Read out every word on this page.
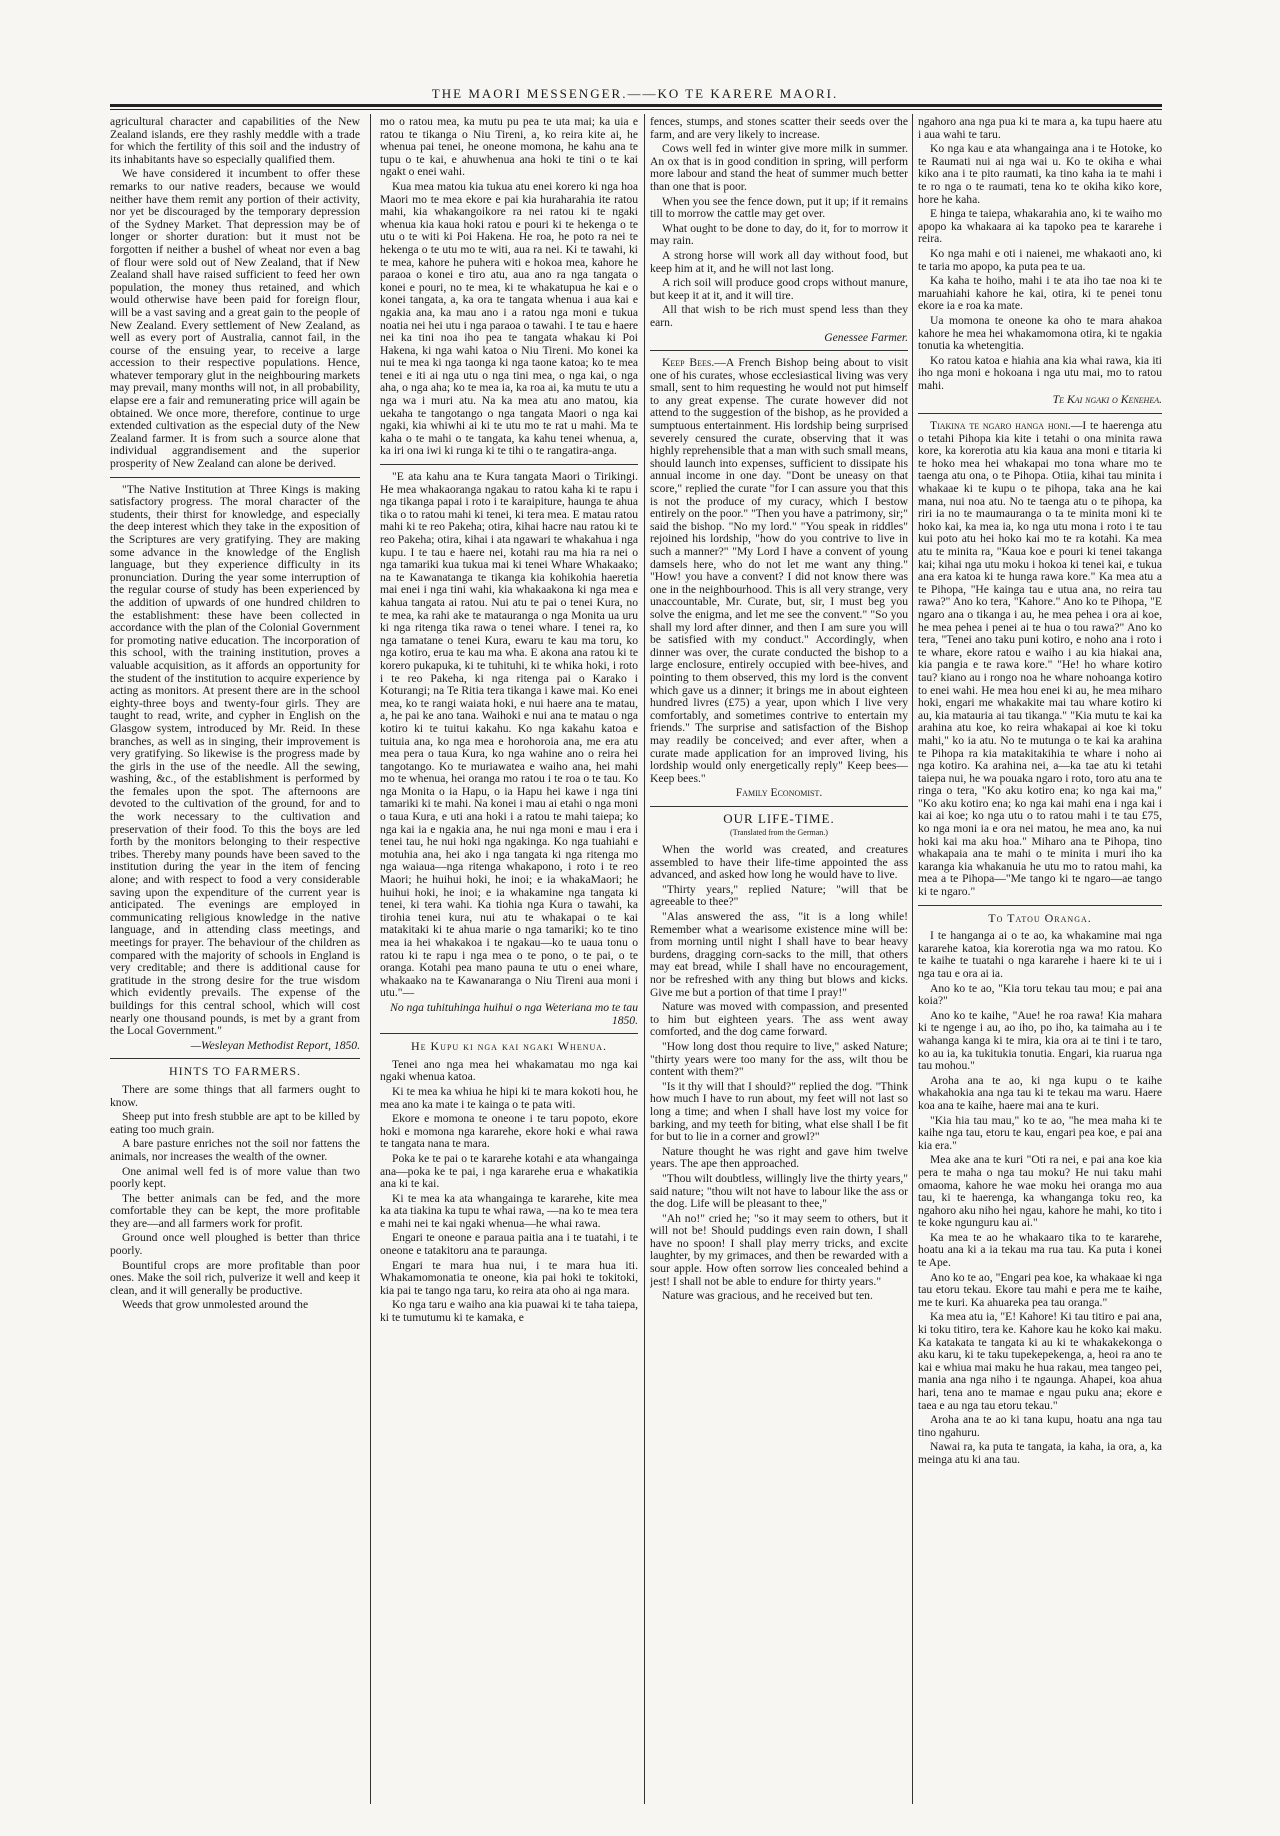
THE MAORI MESSENGER.——KO TE KARERE MAORI.

agricultural character and capabilities of the New Zealand islands, ere they rashly meddle with a trade for which the fertility of this soil and the industry of its inhabitants have so especially qualified them.

We have considered it incumbent to offer these remarks to our native readers, because we would neither have them remit any portion of their activity, nor yet be discouraged by the temporary depression of the Sydney Market. That depression may be of longer or shorter duration: but it must not be forgotten if neither a bushel of wheat nor even a bag of flour were sold out of New Zealand, that if New Zealand shall have raised sufficient to feed her own population, the money thus retained, and which would otherwise have been paid for foreign flour, will be a vast saving and a great gain to the people of New Zealand. Every settlement of New Zealand, as well as every port of Australia, cannot fail, in the course of the ensuing year, to receive a large accession to their respective populations. Hence, whatever temporary glut in the neighbouring markets may prevail, many months will not, in all probability, elapse ere a fair and remunerating price will again be obtained. We once more, therefore, continue to urge extended cultivation as the especial duty of the New Zealand farmer. It is from such a source alone that individual aggrandisement and the superior prosperity of New Zealand can alone be derived.

"The Native Institution at Three Kings is making satisfactory progress. The moral character of the students, their thirst for knowledge, and especially the deep interest which they take in the exposition of the Scriptures are very gratifying. They are making some advance in the knowledge of the English language, but they experience difficulty in its pronunciation. During the year some interruption of the regular course of study has been experienced by the addition of upwards of one hundred children to the establishment: these have been collected in accordance with the plan of the Colonial Government for promoting native education. The incorporation of this school, with the training institution, proves a valuable acquisition, as it affords an opportunity for the student of the institution to acquire experience by acting as monitors. At present there are in the school eighty-three boys and twenty-four girls. They are taught to read, write, and cypher in English on the Glasgow system, introduced by Mr. Reid. In these branches, as well as in singing, their improvement is very gratifying. So likewise is the progress made by the girls in the use of the needle. All the sewing, washing, &c., of the establishment is performed by the females upon the spot. The afternoons are devoted to the cultivation of the ground, for and to the work necessary to the cultivation and preservation of their food. To this the boys are led forth by the monitors belonging to their respective tribes. Thereby many pounds have been saved to the institution during the year in the item of fencing alone; and with respect to food a very considerable saving upon the expenditure of the current year is anticipated. The evenings are employed in communicating religious knowledge in the native language, and in attending class meetings, and meetings for prayer. The behaviour of the children as compared with the majority of schools in England is very creditable; and there is additional cause for gratitude in the strong desire for the true wisdom which evidently prevails. The expense of the buildings for this central school, which will cost nearly one thousand pounds, is met by a grant from the Local Government."

—Wesleyan Methodist Report, 1850.

HINTS TO FARMERS.

There are some things that all farmers ought to know.

Sheep put into fresh stubble are apt to be killed by eating too much grain.

A bare pasture enriches not the soil nor fattens the animals, nor increases the wealth of the owner.

One animal well fed is of more value than two poorly kept.

The better animals can be fed, and the more comfortable they can be kept, the more profitable they are—and all farmers work for profit.

Ground once well ploughed is better than thrice poorly.

Bountiful crops are more profitable than poor ones. Make the soil rich, pulverize it well and keep it clean, and it will generally be productive.

Weeds that grow unmolested around the

mo o ratou mea, ka mutu pu pea te uta mai; ka uia e ratou te tikanga o Niu Tireni, a, ko reira kite ai, he whenua pai tenei, he oneone momona, he kahu ana te tupu o te kai, e ahuwhenua ana hoki te tini o te kai ngakt o enei wahi.

Kua mea matou kia tukua atu enei korero ki nga hoa Maori mo te mea ekore e pai kia huraharahia ite ratou mahi, kia whakangoikore ra nei ratou ki te ngaki whenua kia kaua hoki ratou e pouri ki te hekenga o te utu o te witi ki Poi Hakena. He roa, he poto ra nei te hekenga o te utu mo te witi, aua ra nei. Ki te tawahi, ki te mea, kahore he puhera witi e hokoa mea, kahore he paraoa o konei e tiro atu, aua ano ra nga tangata o konei e pouri, no te mea, ki te whakatupua he kai e o konei tangata, a, ka ora te tangata whenua i aua kai e ngakia ana, ka mau ano i a ratou nga moni e tukua noatia nei hei utu i nga paraoa o tawahi. I te tau e haere nei ka tini noa iho pea te tangata whakau ki Poi Hakena, ki nga wahi katoa o Niu Tireni. Mo konei ka nui te mea ki nga taonga ki nga taone katoa; ko te mea tenei e iti ai nga utu o nga tini mea, o nga kai, o nga aha, o nga aha; ko te mea ia, ka roa ai, ka mutu te utu a nga wa i muri atu. Na ka mea atu ano matou, kia uekaha te tangotango o nga tangata Maori o nga kai ngaki, kia whiwhi ai ki te utu mo te rat u mahi. Ma te kaha o te mahi o te tangata, ka kahu tenei whenua, a, ka iri ona iwi ki runga ki te tihi o te rangatira-anga.

"E ata kahu ana te Kura tangata Maori o Tirikingi. He mea whakaoranga ngakau to ratou kaha ki te rapu i nga tikanga papai i roto i te karaipiture, haunga te ahua tika o to ratou mahi ki tenei, ki tera mea. E matau ratou mahi ki te reo Pakeha; otira, kihai hacre nau ratou ki te reo Pakeha; otira, kihai i ata ngawari te whakahua i nga kupu. I te tau e haere nei, kotahi rau ma hia ra nei o nga tamariki kua tukua mai ki tenei Whare Whakaako; na te Kawanatanga te tikanga kia kohikohia haeretia mai enei i nga tini wahi, kia whakaakona ki nga mea e kahua tangata ai ratou. Nui atu te pai o tenei Kura, no te mea, ka rahi ake te matauranga o nga Monita ua uru ki nga ritenga tika rawa o tenei whare. I tenei ra, ko nga tamatane o tenei Kura, ewaru te kau ma toru, ko nga kotiro, erua te kau ma wha. E akona ana ratou ki te korero pukapuka, ki te tuhituhi, ki te whika hoki, i roto i te reo Pakeha, ki nga ritenga pai o Karako i Koturangi; na Te Ritia tera tikanga i kawe mai. Ko enei mea, ko te rangi waiata hoki, e nui haere ana te matau, a, he pai ke ano tana. Waihoki e nui ana te matau o nga kotiro ki te tuitui kakahu. Ko nga kakahu katoa e tuituia ana, ko nga mea e horohoroia ana, me era atu mea pera o taua Kura, ko nga wahine ano o reira hei tangotango. Ko te muriawatea e waiho ana, hei mahi mo te whenua, hei oranga mo ratou i te roa o te tau. Ko nga Monita o ia Hapu, o ia Hapu hei kawe i nga tini tamariki ki te mahi. Na konei i mau ai etahi o nga moni o taua Kura, e uti ana hoki i a ratou te mahi taiepa; ko nga kai ia e ngakia ana, he nui nga moni e mau i era i tenei tau, he nui hoki nga ngakinga. Ko nga tuahiahi e motuhia ana, hei ako i nga tangata ki nga ritenga mo nga waiaua—nga ritenga whakapono, i roto i te reo Maori; he huihui hoki, he inoi; e ia whakaMaori; he huihui hoki, he inoi; e ia whakamine nga tangata ki tenei, ki tera wahi. Ka tiohia nga Kura o tawahi, ka tirohia tenei kura, nui atu te whakapai o te kai matakitaki ki te ahua marie o nga tamariki; ko te tino mea ia hei whakakoa i te ngakau—ko te uaua tonu o ratou ki te rapu i nga mea o te pono, o te pai, o te oranga. Kotahi pea mano pauna te utu o enei whare, whakaako na te Kawanaranga o Niu Tireni aua moni i utu."—

No nga tuhituhinga huihui o nga Weteriana mo te tau 1850.

He Kupu ki nga kai ngaki Whenua.

Tenei ano nga mea hei whakamatau mo nga kai ngaki whenua katoa.

Ki te mea ka whiua he hipi ki te mara kokoti hou, he mea ano ka mate i te kainga o te pata witi.

Ekore e momona te oneone i te taru popoto, ekore hoki e momona nga kararehe, ekore hoki e whai rawa te tangata nana te mara.

Poka ke te pai o te kararehe kotahi e ata whangainga ana—poka ke te pai, i nga kararehe erua e whakatikia ana ki te kai.

Ki te mea ka ata whangainga te kararehe, kite mea ka ata tiakina ka tupu te whai rawa, —na ko te mea tera e mahi nei te kai ngaki whenua—he whai rawa.

Engari te oneone e paraua paitia ana i te tuatahi, i te oneone e tatakitoru ana te paraunga.

Engari te mara hua nui, i te mara hua iti. Whakamomonatia te oneone, kia pai hoki te tokitoki, kia pai te tango nga taru, ko reira ata oho ai nga mara.

Ko nga taru e waiho ana kia puawai ki te taha taiepa, ki te tumutumu ki te kamaka, e

fences, stumps, and stones scatter their seeds over the farm, and are very likely to increase.

Cows well fed in winter give more milk in summer. An ox that is in good condition in spring, will perform more labour and stand the heat of summer much better than one that is poor.

When you see the fence down, put it up; if it remains till to morrow the cattle may get over.

What ought to be done to day, do it, for to morrow it may rain.

A strong horse will work all day without food, but keep him at it, and he will not last long.

A rich soil will produce good crops without manure, but keep it at it, and it will tire.

All that wish to be rich must spend less than they earn.

Genessee Farmer.

Keep Bees.—A French Bishop being about to visit one of his curates, whose ecclesiastical living was very small, sent to him requesting he would not put himself to any great expense. The curate however did not attend to the suggestion of the bishop, as he provided a sumptuous entertainment. His lordship being surprised severely censured the curate, observing that it was highly reprehensible that a man with such small means, should launch into expenses, sufficient to dissipate his annual income in one day. "Dont be uneasy on that score," replied the curate "for I can assure you that this is not the produce of my curacy, which I bestow entirely on the poor." "Then you have a patrimony, sir;" said the bishop. "No my lord." "You speak in riddles" rejoined his lordship, "how do you contrive to live in such a manner?" "My Lord I have a convent of young damsels here, who do not let me want any thing." "How! you have a convent? I did not know there was one in the neighbourhood. This is all very strange, very unaccountable, Mr. Curate, but, sir, I must beg you solve the enigma, and let me see the convent." "So you shall my lord after dinner, and then I am sure you will be satisfied with my conduct." Accordingly, when dinner was over, the curate conducted the bishop to a large enclosure, entirely occupied with bee-hives, and pointing to them observed, this my lord is the convent which gave us a dinner; it brings me in about eighteen hundred livres (£75) a year, upon which I live very comfortably, and sometimes contrive to entertain my friends." The surprise and satisfaction of the Bishop may readily be conceived; and ever after, when a curate made application for an improved living, his lordship would only energetically reply" Keep bees—Keep bees."

Family Economist.

OUR LIFE-TIME.

(Translated from the German.)

When the world was created, and creatures assembled to have their life-time appointed the ass advanced, and asked how long he would have to live.

"Thirty years," replied Nature; "will that be agreeable to thee?"

"Alas answered the ass, "it is a long while! Remember what a wearisome existence mine will be: from morning until night I shall have to bear heavy burdens, dragging corn-sacks to the mill, that others may eat bread, while I shall have no encouragement, nor be refreshed with any thing but blows and kicks. Give me but a portion of that time I pray!"

Nature was moved with compassion, and presented to him but eighteen years. The ass went away comforted, and the dog came forward.

"How long dost thou require to live," asked Nature; "thirty years were too many for the ass, wilt thou be content with them?"

"Is it thy will that I should?" replied the dog. "Think how much I have to run about, my feet will not last so long a time; and when I shall have lost my voice for barking, and my teeth for biting, what else shall I be fit for but to lie in a corner and growl?"

Nature thought he was right and gave him twelve years. The ape then approached.

"Thou wilt doubtless, willingly live the thirty years," said nature; "thou wilt not have to labour like the ass or the dog. Life will be pleasant to thee,"

"Ah no!" cried he; "so it may seem to others, but it will not be! Should puddings even rain down, I shall have no spoon! I shall play merry tricks, and excite laughter, by my grimaces, and then be rewarded with a sour apple. How often sorrow lies concealed behind a jest! I shall not be able to endure for thirty years."

Nature was gracious, and he received but ten.

ngahoro ana nga pua ki te mara a, ka tupu haere atu i aua wahi te taru.

Ko nga kau e ata whangainga ana i te Hotoke, ko te Raumati nui ai nga wai u. Ko te okiha e whai kiko ana i te pito raumati, ka tino kaha ia te mahi i te ro nga o te raumati, tena ko te okiha kiko kore, hore he kaha.

E hinga te taiepa, whakarahia ano, ki te waiho mo apopo ka whakaara ai ka tapoko pea te kararehe i reira.

Ko nga mahi e oti i naienei, me whakaoti ano, ki te taria mo apopo, ka puta pea te ua.

Ka kaha te hoiho, mahi i te ata iho tae noa ki te maruahiahi kahore he kai, otira, ki te penei tonu ekore ia e roa ka mate.

Ua momona te oneone ka oho te mara ahakoa kahore he mea hei whakamomona otira, ki te ngakia tonutia ka whetengitia.

Ko ratou katoa e hiahia ana kia whai rawa, kia iti iho nga moni e hokoana i nga utu mai, mo to ratou mahi.

Te Kai ngaki o Kenehea.

Tiakina te ngaro hanga honi.—I te haerenga atu o tetahi Pihopa kia kite i tetahi o ona minita rawa kore, ka korerotia atu kia kaua ana moni e titaria ki te hoko mea hei whakapai mo tona whare mo te taenga atu ona, o te Pihopa. Otiia, kihai tau minita i whakaae ki te kupu o te pihopa, taka ana he kai mana, nui noa atu. No te taenga atu o te pihopa, ka riri ia no te maumauranga o ta te minita moni ki te hoko kai, ka mea ia, ko nga utu mona i roto i te tau kui poto atu hei hoko kai mo te ra kotahi. Ka mea atu te minita ra, "Kaua koe e pouri ki tenei takanga kai; kihai nga utu moku i hokoa ki tenei kai, e tukua ana era katoa ki te hunga rawa kore." Ka mea atu a te Pihopa, "He kainga tau e utua ana, no reira tau rawa?" Ano ko tera, "Kahore." Ano ko te Pihopa, "E ngaro ana o tikanga i au, he mea pehea i ora ai koe, he mea pehea i penei ai te hua o tou rawa?" Ano ko tera, "Tenei ano taku puni kotiro, e noho ana i roto i te whare, ekore ratou e waiho i au kia hiakai ana, kia pangia e te rawa kore." "He! ho whare kotiro tau? kiano au i rongo noa he whare nohoanga kotiro to enei wahi. He mea hou enei ki au, he mea miharo hoki, engari me whakakite mai tau whare kotiro ki au, kia matauria ai tau tikanga." "Kia mutu te kai ka arahina atu koe, ko reira whakapai ai koe ki toku mahi," ko ia atu. No te mutunga o te kai ka arahina te Pihopa ra kia matakitakihia te whare i noho ai nga kotiro. Ka arahina nei, a—ka tae atu ki tetahi taiepa nui, he wa pouaka ngaro i roto, toro atu ana te ringa o tera, "Ko aku kotiro ena; ko nga kai ma," "Ko aku kotiro ena; ko nga kai mahi ena i nga kai i kai ai koe; ko nga utu o to ratou mahi i te tau £75, ko nga moni ia e ora nei matou, he mea ano, ka nui hoki kai ma aku hoa." Miharo ana te Pihopa, tino whakapaia ana te mahi o te minita i muri iho ka karanga kia whakanuia he utu mo to ratou mahi, ka mea a te Pihopa—"Me tango ki te ngaro—ae tango ki te ngaro."

To Tatou Oranga.

I te hanganga ai o te ao, ka whakamine mai nga kararehe katoa, kia korerotia nga wa mo ratou. Ko te kaihe te tuatahi o nga kararehe i haere ki te ui i nga tau e ora ai ia.

Ano ko te ao, "Kia toru tekau tau mou; e pai ana koia?"

Ano ko te kaihe, "Aue! he roa rawa! Kia mahara ki te ngenge i au, ao iho, po iho, ka taimaha au i te wahanga kanga ki te mira, kia ora ai te tini i te taro, ko au ia, ka tukitukia tonutia. Engari, kia ruarua nga tau mohou."

Aroha ana te ao, ki nga kupu o te kaihe whakahokia ana nga tau ki te tekau ma waru. Haere koa ana te kaihe, haere mai ana te kuri.

"Kia hia tau mau," ko te ao, "he mea maha ki te kaihe nga tau, etoru te kau, engari pea koe, e pai ana kia era."

Mea ake ana te kuri "Oti ra nei, e pai ana koe kia pera te maha o nga tau moku? He nui taku mahi omaoma, kahore he wae moku hei oranga mo aua tau, ki te haerenga, ka whanganga toku reo, ka ngahoro aku niho hei ngau, kahore he mahi, ko tito i te koke ngunguru kau ai."

Ka mea te ao he whakaaro tika to te kararehe, hoatu ana ki a ia tekau ma rua tau. Ka puta i konei te Ape.

Ano ko te ao, "Engari pea koe, ka whakaae ki nga tau etoru tekau. Ekore tau mahi e pera me te kaihe, me te kuri. Ka ahuareka pea tau oranga."

Ka mea atu ia, "E! Kahore! Ki tau titiro e pai ana, ki toku titiro, tera ke. Kahore kau he koko kai maku. Ka katakata te tangata ki au ki te whakakekonga o aku karu, ki te taku tupekepekenga, a, heoi ra ano te kai e whiua mai maku he hua rakau, mea tangeo pei, mania ana nga niho i te ngaunga. Ahapei, koa ahua hari, tena ano te mamae e ngau puku ana; ekore e taea e au nga tau etoru tekau."

Aroha ana te ao ki tana kupu, hoatu ana nga tau tino ngahuru.

Nawai ra, ka puta te tangata, ia kaha, ia ora, a, ka meinga atu ki ana tau.
